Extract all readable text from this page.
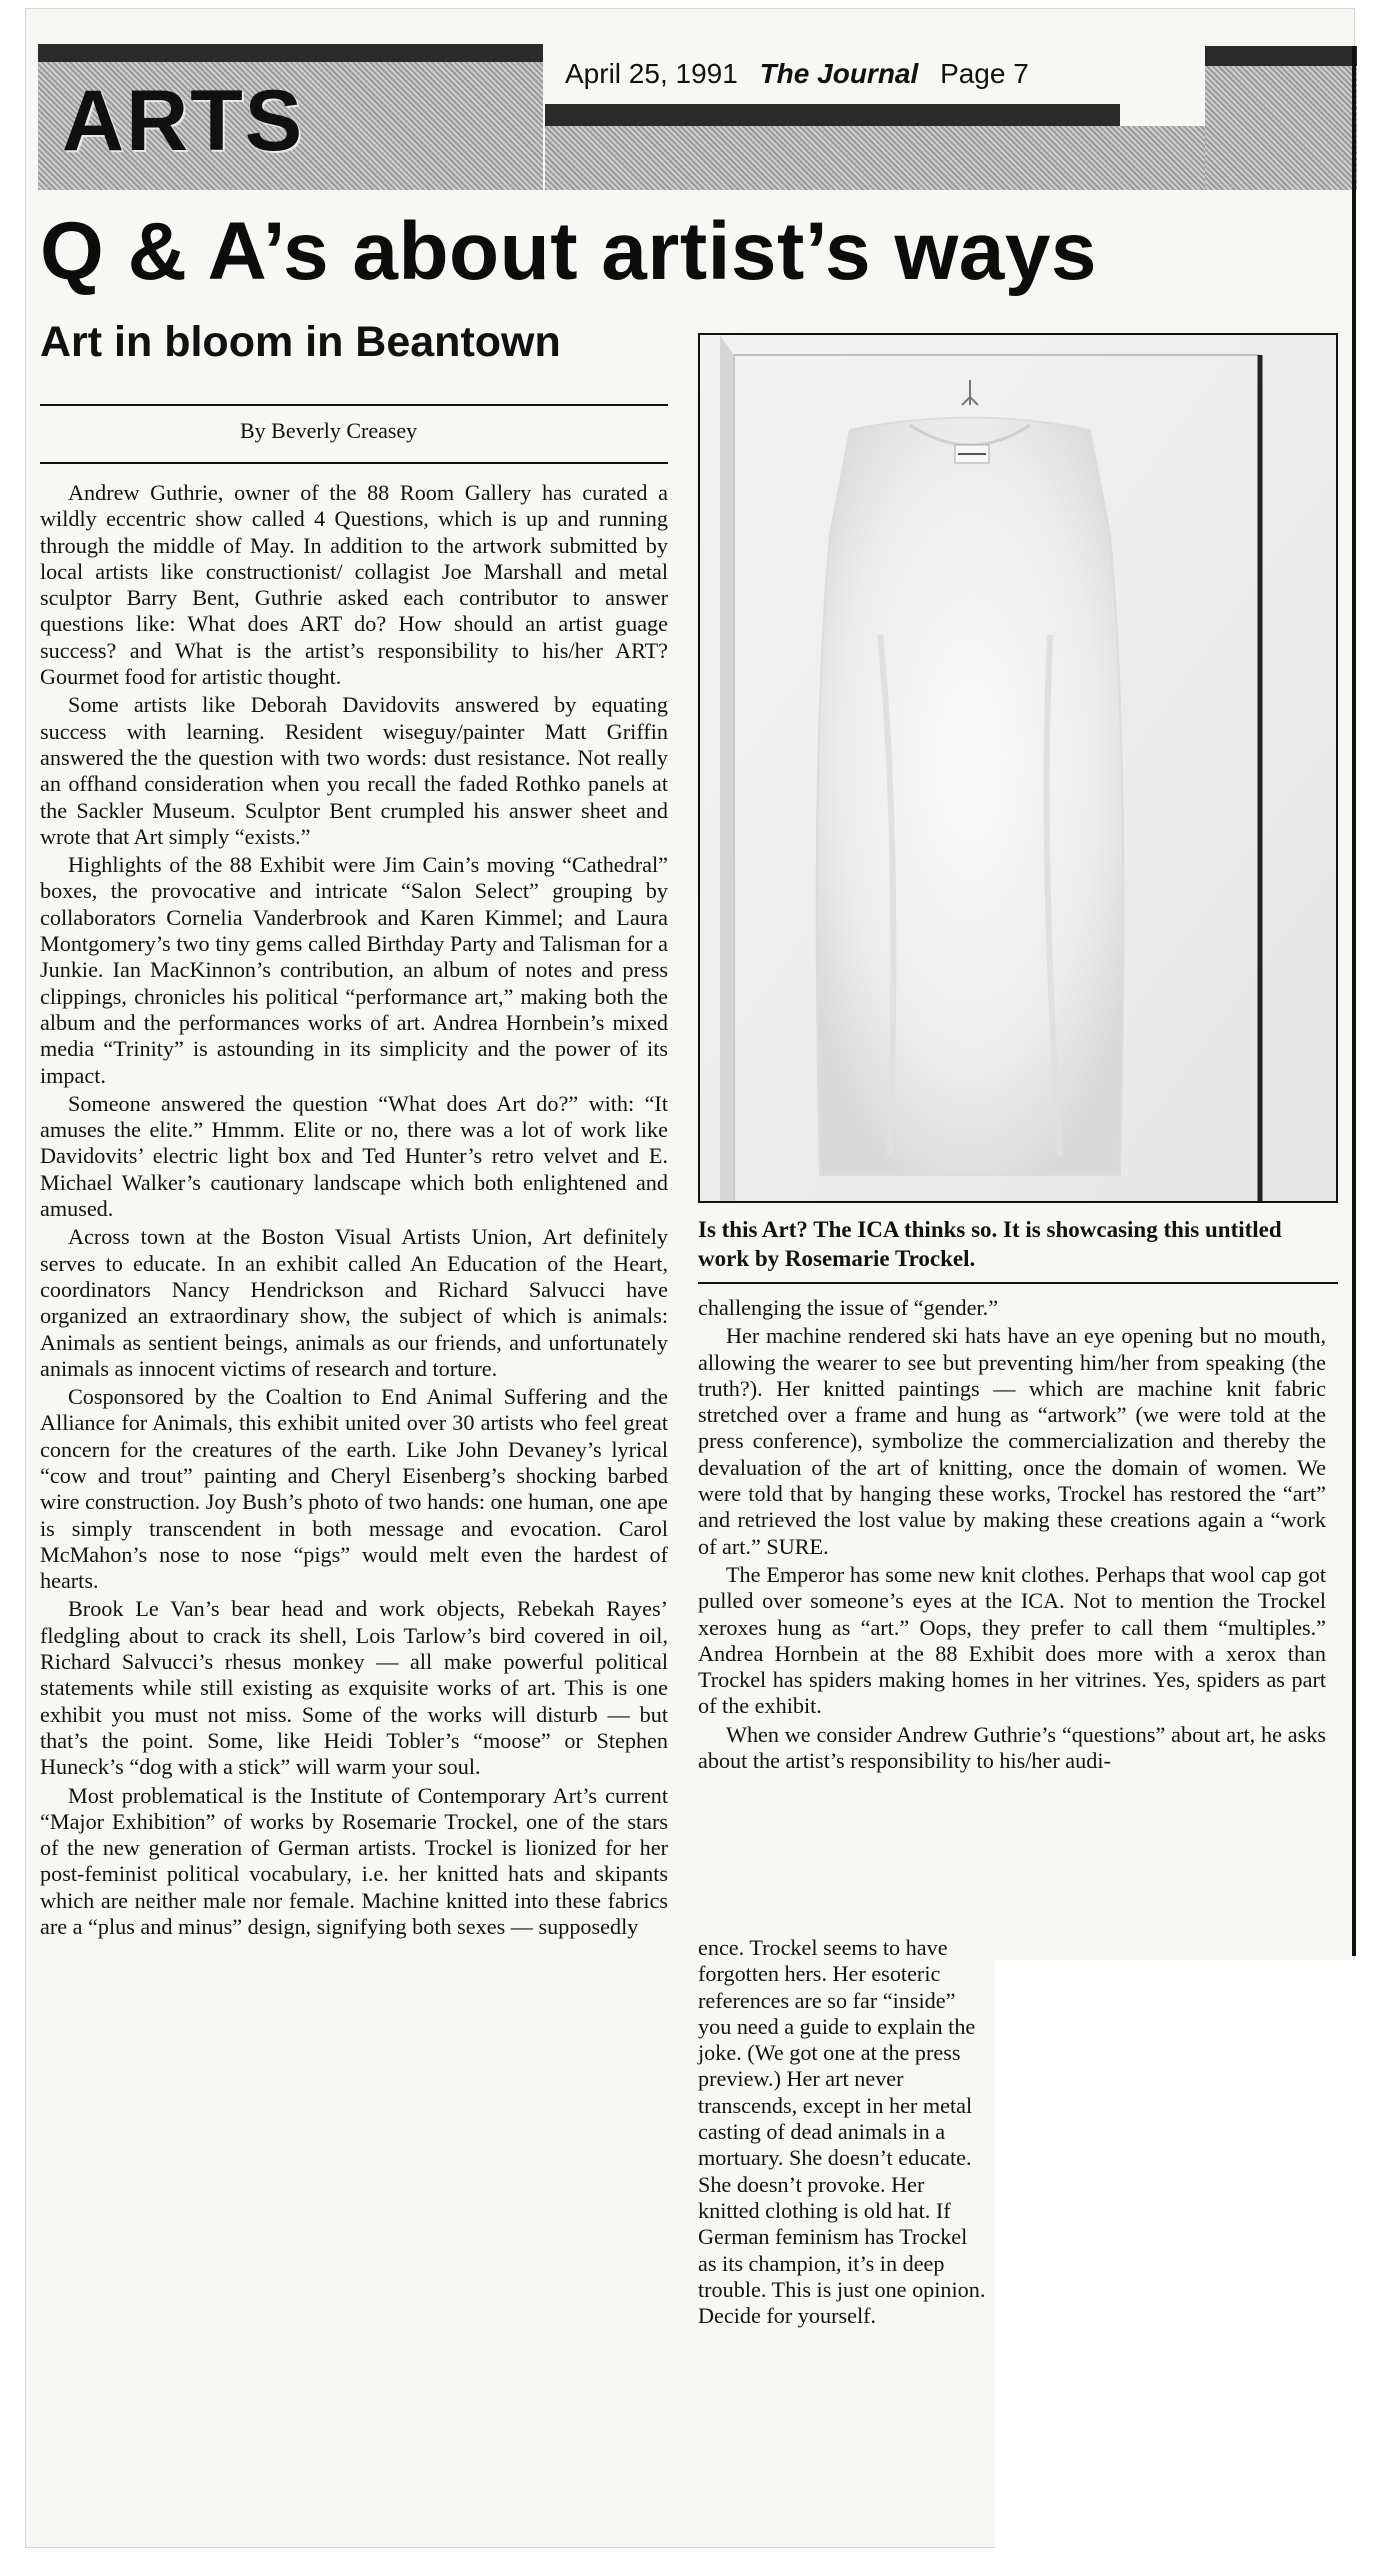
ARTS	April 25, 1991 The Journal Page 7
Q & A’s about artist’s ways
Art in bloom in Beantown
By Beverly Creasey

Andrew Guthrie, owner of the 88 Room Gallery has curated a wildly eccentric show called 4 Questions, which is up and running through the middle of May. In addition to the artwork submitted by local artists like constructionist/ collagist Joe Marshall and metal sculptor Barry Bent, Guthrie asked each contributor to answer questions like: What does ART do? How should an artist guage success? and What is the artist’s responsibility to his/her ART? Gourmet food for artistic thought.

Some artists like Deborah Davidovits answered by equating success with learning. Resident wiseguy/painter Matt Griffin answered the the question with two words: dust resistance. Not really an offhand consideration when you recall the faded Rothko panels at the Sackler Museum. Sculptor Bent crumpled his answer sheet and wrote that Art simply “exists.”

Highlights of the 88 Exhibit were Jim Cain’s moving “Cathedral” boxes, the provocative and intricate “Salon Select” grouping by collaborators Cornelia Vanderbrook and Karen Kimmel; and Laura Montgomery’s two tiny gems called Birthday Party and Talisman for a Junkie. Ian MacKinnon’s contribution, an album of notes and press clippings, chronicles his political “performance art,” making both the album and the performances works of art. Andrea Hornbein’s mixed media “Trinity” is astounding in its simplicity and the power of its impact.

Someone answered the question “What does Art do?” with: “It amuses the elite.” Hmmm. Elite or no, there was a lot of work like Davidovits’ electric light box and Ted Hunter’s retro velvet and E. Michael Walker’s cautionary landscape which both enlightened and amused.

Across town at the Boston Visual Artists Union, Art definitely serves to educate. In an exhibit called An Education of the Heart, coordinators Nancy Hendrickson and Richard Salvucci have organized an extraordinary show, the subject of which is animals: Animals as sentient beings, animals as our friends, and unfortunately animals as innocent victims of research and torture.

Cosponsored by the Coaltion to End Animal Suffering and the Alliance for Animals, this exhibit united over 30 artists who feel great concern for the creatures of the earth. Like John Devaney’s lyrical “cow and trout” painting and Cheryl Eisenberg’s shocking barbed wire construction. Joy Bush’s photo of two hands: one human, one ape is simply transcendent in both message and evocation. Carol McMahon’s nose to nose “pigs” would melt even the hardest of hearts.

Brook Le Van’s bear head and work objects, Rebekah Rayes’ fledgling about to crack its shell, Lois Tarlow’s bird covered in oil, Richard Salvucci’s rhesus monkey — all make powerful political statements while still existing as exquisite works of art. This is one exhibit you must not miss. Some of the works will disturb — but that’s the point. Some, like Heidi Tobler’s “moose” or Stephen Huneck’s “dog with a stick” will warm your soul.

Most problematical is the Institute of Contemporary Art’s current “Major Exhibition” of works by Rosemarie Trockel, one of the stars of the new generation of German artists. Trockel is lionized for her post-feminist political vocabulary, i.e. her knitted hats and skipants which are neither male nor female. Machine knitted into these fabrics are a “plus and minus” design, signifying both sexes — supposedly

Is this Art? The ICA thinks so. It is showcasing this untitled work by Rosemarie Trockel.

challenging the issue of “gender.”

Her machine rendered ski hats have an eye opening but no mouth, allowing the wearer to see but preventing him/her from speaking (the truth?). Her knitted paintings — which are machine knit fabric stretched over a frame and hung as “artwork” (we were told at the press conference), symbolize the commercialization and thereby the devaluation of the art of knitting, once the domain of women. We were told that by hanging these works, Trockel has restored the “art” and retrieved the lost value by making these creations again a “work of art.” SURE.

The Emperor has some new knit clothes. Perhaps that wool cap got pulled over someone’s eyes at the ICA. Not to mention the Trockel xeroxes hung as “art.” Oops, they prefer to call them “multiples.” Andrea Hornbein at the 88 Exhibit does more with a xerox than Trockel has spiders making homes in her vitrines. Yes, spiders as part of the exhibit.

When we consider Andrew Guthrie’s “questions” about art, he asks about the artist’s responsibility to his/her audi-

ence. Trockel seems to have forgotten hers. Her esoteric references are so far “inside” you need a guide to explain the joke. (We got one at the press preview.) Her art never transcends, except in her metal casting of dead animals in a mortuary. She doesn’t educate. She doesn’t provoke. Her knitted clothing is old hat. If German feminism has Trockel as its champion, it’s in deep trouble. This is just one opinion. Decide for yourself.
